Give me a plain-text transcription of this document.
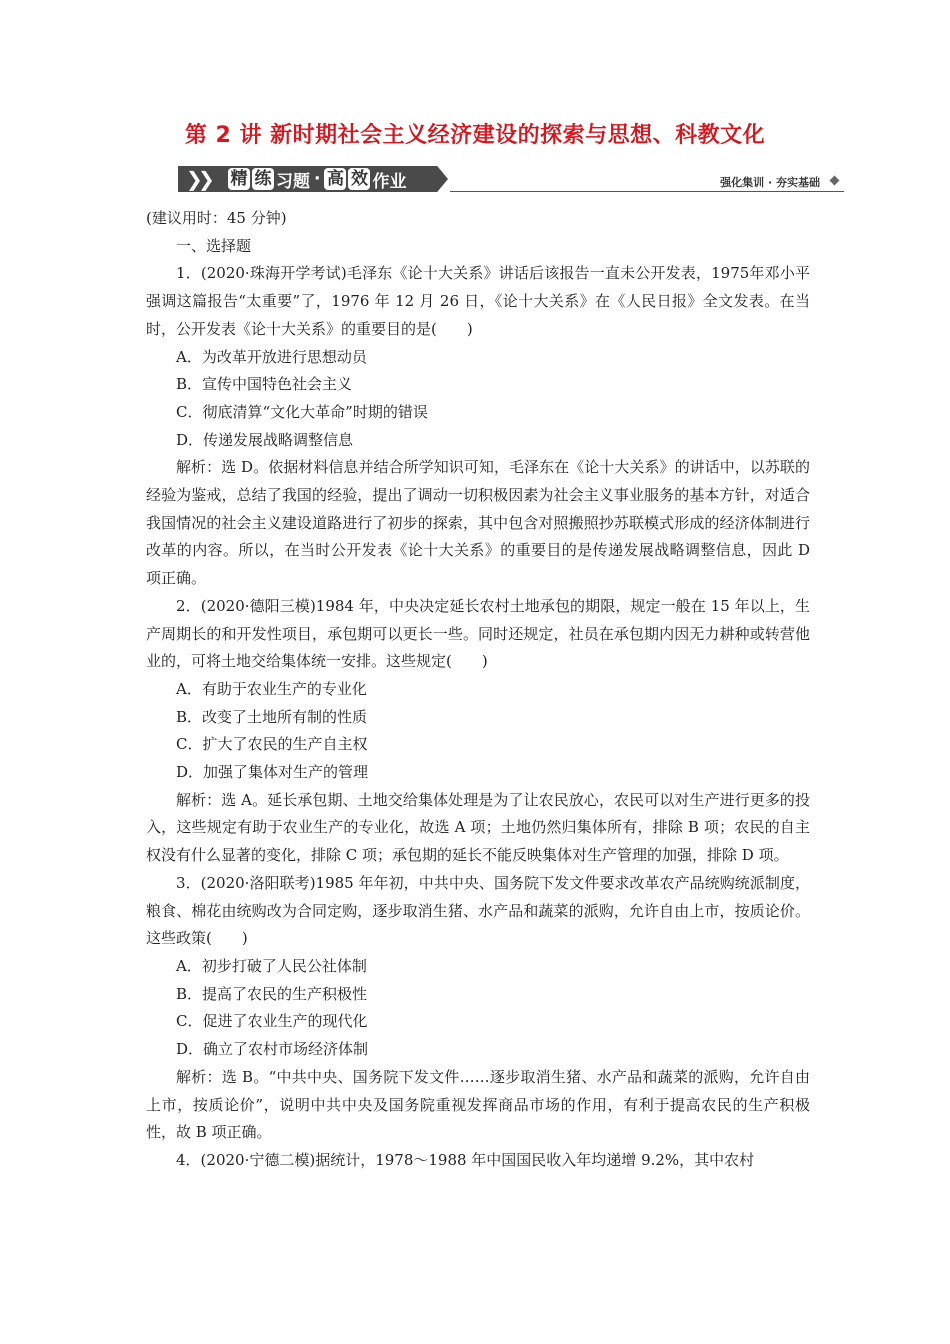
第 2 讲 新时期社会主义经济建设的探索与思想、科教文化
❯
❯ 精 练 习题 · 高 效 作业	强化集训 · 夯实基础

(建议用时：45 分钟)

一、选择题

1．(2020·珠海开学考试)毛泽东《论十大关系》讲话后该报告一直未公开发表，1975年邓小平强调这篇报告“太重要”了，1976 年 12 月 26 日，《论十大关系》在《人民日报》全文发表。在当时，公开发表《论十大关系》的重要目的是(　　)

A．为改革开放进行思想动员

B．宣传中国特色社会主义

C．彻底清算“文化大革命”时期的错误

D．传递发展战略调整信息

解析：选 D。依据材料信息并结合所学知识可知，毛泽东在《论十大关系》的讲话中，以苏联的经验为鉴戒，总结了我国的经验，提出了调动一切积极因素为社会主义事业服务的基本方针，对适合我国情况的社会主义建设道路进行了初步的探索，其中包含对照搬照抄苏联模式形成的经济体制进行改革的内容。所以，在当时公开发表《论十大关系》的重要目的是传递发展战略调整信息，因此 D 项正确。

2．(2020·德阳三模)1984 年，中央决定延长农村土地承包的期限，规定一般在 15 年以上，生产周期长的和开发性项目，承包期可以更长一些。同时还规定，社员在承包期内因无力耕种或转营他业的，可将土地交给集体统一安排。这些规定(　　)

A．有助于农业生产的专业化

B．改变了土地所有制的性质

C．扩大了农民的生产自主权

D．加强了集体对生产的管理

解析：选 A。延长承包期、土地交给集体处理是为了让农民放心，农民可以对生产进行更多的投入，这些规定有助于农业生产的专业化，故选 A 项；土地仍然归集体所有，排除 B 项；农民的自主权没有什么显著的变化，排除 C 项；承包期的延长不能反映集体对生产管理的加强，排除 D 项。

3．(2020·洛阳联考)1985 年年初，中共中央、国务院下发文件要求改革农产品统购统派制度，粮食、棉花由统购改为合同定购，逐步取消生猪、水产品和蔬菜的派购，允许自由上市，按质论价。这些政策(　　)

A．初步打破了人民公社体制

B．提高了农民的生产积极性

C．促进了农业生产的现代化

D．确立了农村市场经济体制

解析：选 B。“中共中央、国务院下发文件……逐步取消生猪、水产品和蔬菜的派购，允许自由上市，按质论价”，说明中共中央及国务院重视发挥商品市场的作用，有利于提高农民的生产积极性，故 B 项正确。

4．(2020·宁德二模)据统计，1978～1988 年中国国民收入年均递增 9.2%，其中农村
